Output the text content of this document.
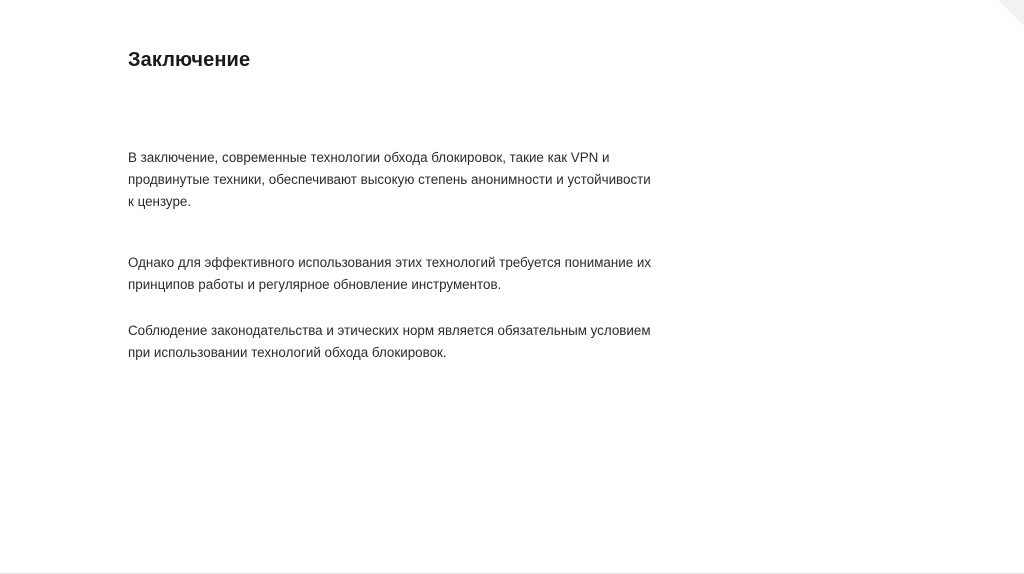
Заключение

В заключение, современные технологии обхода блокировок, такие как VPN и
продвинутые техники, обеспечивают высокую степень анонимности и устойчивости
к цензуре.

Однако для эффективного использования этих технологий требуется понимание их
принципов работы и регулярное обновление инструментов.

Соблюдение законодательства и этических норм является обязательным условием
при использовании технологий обхода блокировок.
